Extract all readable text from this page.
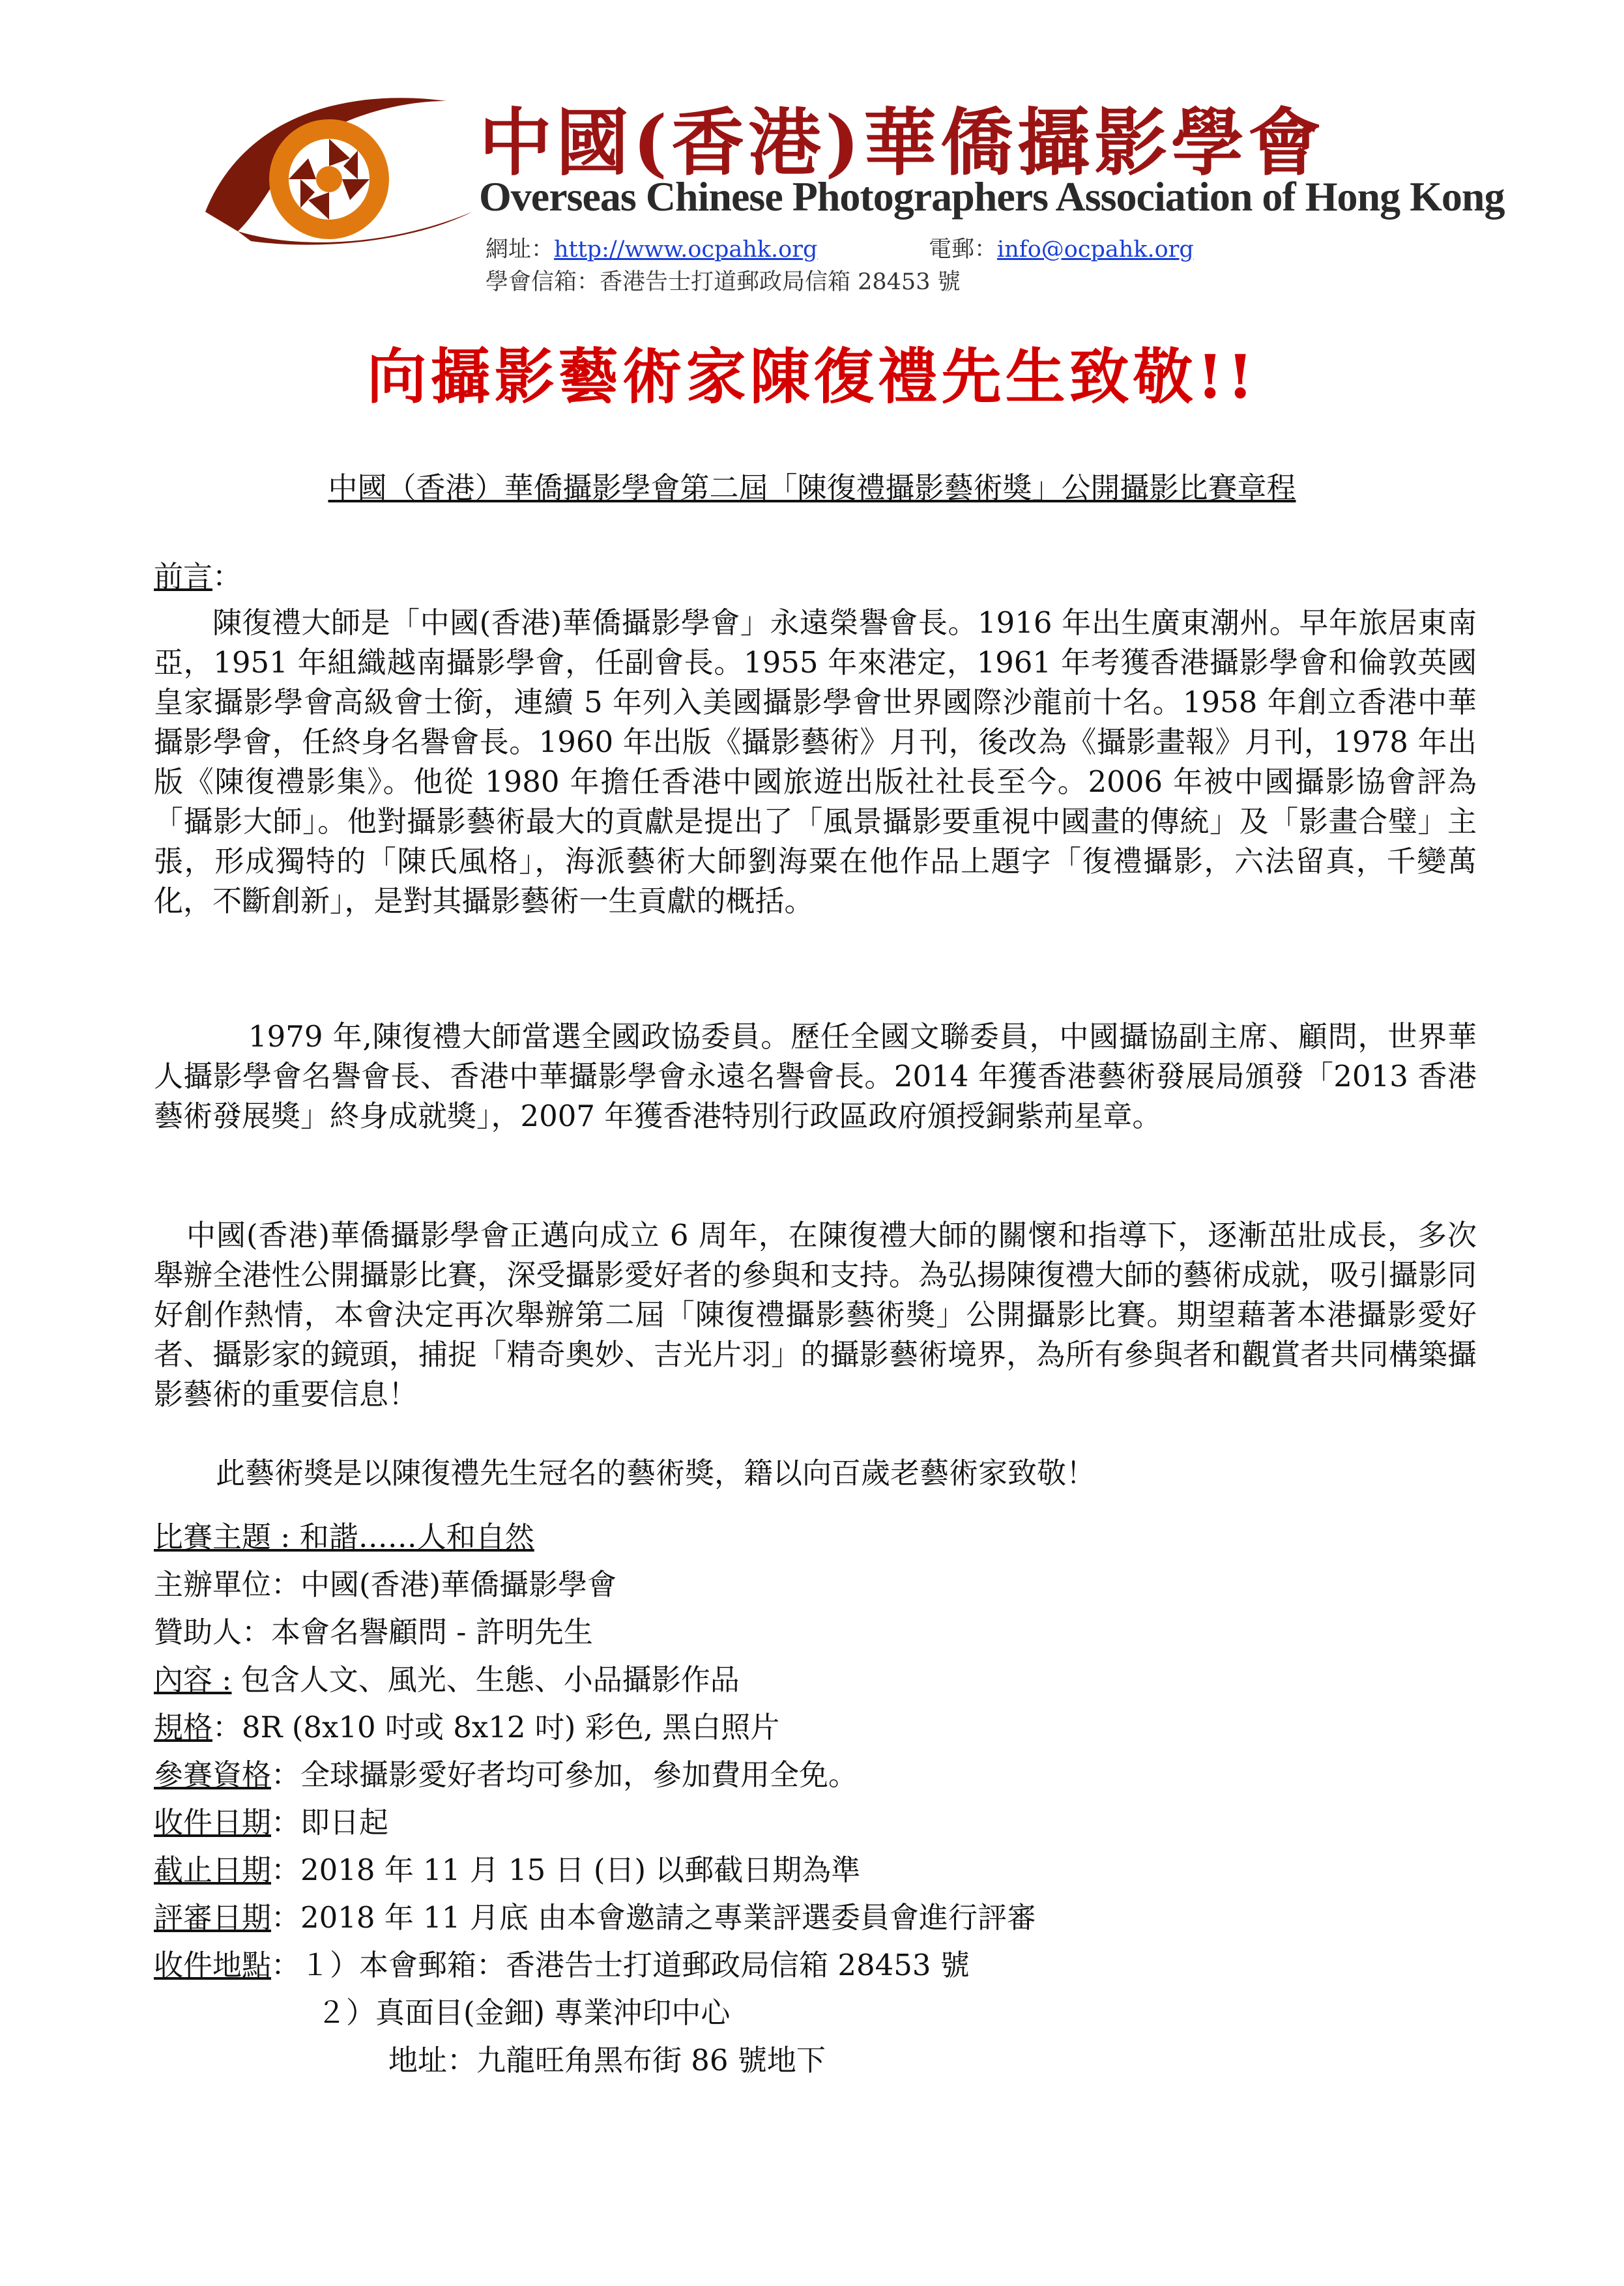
中國(香港)華僑攝影學會
Overseas Chinese Photographers Association of Hong Kong
網址：http://www.ocpahk.org	電郵：info@ocpahk.org
學會信箱：香港告士打道郵政局信箱 28453 號
向攝影藝術家陳復禮先生致敬!!
中國（香港）華僑攝影學會第二屆「陳復禮攝影藝術獎」公開攝影比賽章程
前言：
陳復禮大師是「中國(香港)華僑攝影學會」永遠榮譽會長。1916 年出生廣東潮州。早年旅居東南亞，1951 年組織越南攝影學會，任副會長。1955 年來港定，1961 年考獲香港攝影學會和倫敦英國皇家攝影學會高級會士銜，連續 5 年列入美國攝影學會世界國際沙龍前十名。1958 年創立香港中華攝影學會，任終身名譽會長。1960 年出版《攝影藝術》月刊，後改為《攝影畫報》月刊，1978 年出版《陳復禮影集》。他從 1980 年擔任香港中國旅遊出版社社長至今。2006 年被中國攝影協會評為「攝影大師」。他對攝影藝術最大的貢獻是提出了「風景攝影要重視中國畫的傳統」及「影畫合璧」主張，形成獨特的「陳氏風格」，海派藝術大師劉海粟在他作品上題字「復禮攝影，六法留真，千變萬化，不斷創新」，是對其攝影藝術一生貢獻的概括。
1979 年,陳復禮大師當選全國政協委員。歷任全國文聯委員，中國攝協副主席、顧問，世界華人攝影學會名譽會長、香港中華攝影學會永遠名譽會長。2014 年獲香港藝術發展局頒發「2013 香港藝術發展獎」終身成就獎」，2007 年獲香港特別行政區政府頒授銅紫荊星章。
中國(香港)華僑攝影學會正邁向成立 6 周年，在陳復禮大師的關懷和指導下，逐漸茁壯成長，多次舉辦全港性公開攝影比賽，深受攝影愛好者的參與和支持。為弘揚陳復禮大師的藝術成就，吸引攝影同好創作熱情，本會決定再次舉辦第二屆「陳復禮攝影藝術獎」公開攝影比賽。期望藉著本港攝影愛好者、攝影家的鏡頭，捕捉「精奇奧妙、吉光片羽」的攝影藝術境界，為所有參與者和觀賞者共同構築攝影藝術的重要信息！
此藝術獎是以陳復禮先生冠名的藝術獎，籍以向百歲老藝術家致敬！
比賽主題 : 和諧……人和自然
主辦單位：中國(香港)華僑攝影學會
贊助人：本會名譽顧問 - 許明先生
內容 : 包含人文、風光、生態、小品攝影作品
規格：8R (8x10 吋或 8x12 吋) 彩色, 黑白照片
參賽資格：全球攝影愛好者均可參加，參加費用全免。
收件日期：即日起
截止日期：2018 年 11 月 15 日 (日) 以郵截日期為準
評審日期：2018 年 11 月底 由本會邀請之專業評選委員會進行評審
收件地點：１）本會郵箱：香港告士打道郵政局信箱 28453 號
２）真面目(金鈿) 專業沖印中心
地址：九龍旺角黑布街 86 號地下
